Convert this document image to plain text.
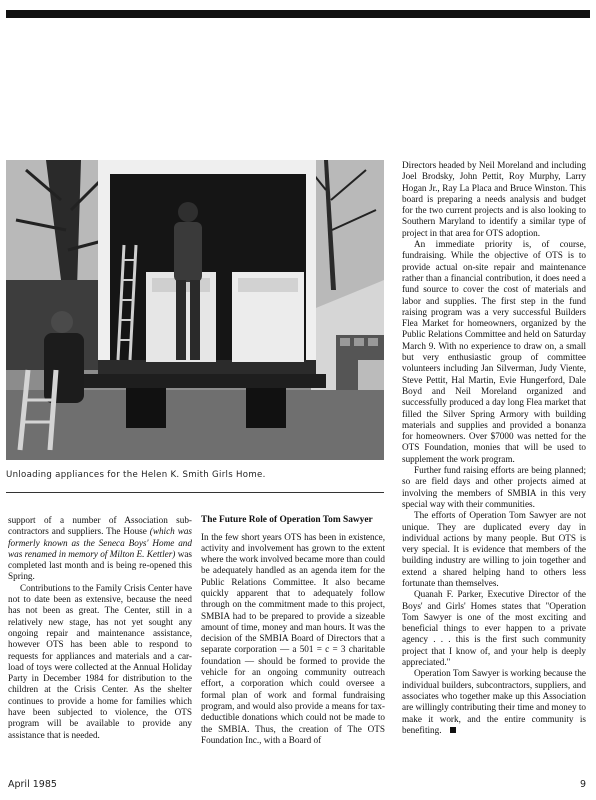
Unloading appliances for the Helen K. Smith Girls Home.

support of a number of Association sub-contractors and suppliers. The House (which was formerly known as the Seneca Boys' Home and was renamed in memory of Milton E. Kettler) was completed last month and is being re-opened this Spring.

Contributions to the Family Crisis Center have not to date been as extensive, because the need has not been as great. The Center, still in a relatively new stage, has not yet sought any ongoing repair and maintenance assistance, however OTS has been able to respond to requests for appliances and materials and a car-load of toys were collected at the Annual Holiday Party in December 1984 for distribution to the children at the Crisis Center. As the shelter continues to provide a home for families which have been subjected to violence, the OTS program will be available to provide any assistance that is needed.

The Future Role of Operation Tom Sawyer

In the few short years OTS has been in existence, activity and involvement has grown to the extent where the work involved became more than could be adequately handled as an agenda item for the Public Relations Committee. It also became quickly apparent that to adequately follow through on the commitment made to this project, SMBIA had to be prepared to provide a sizeable amount of time, money and man hours. It was the decision of the SMBIA Board of Directors that a separate corporation — a 501 = c = 3 charitable foundation — should be formed to provide the vehicle for an ongoing community outreach effort, a corporation which could oversee a formal plan of work and formal fundraising program, and would also provide a means for tax-deductible donations which could not be made to the SMBIA. Thus, the creation of The OTS Foundation Inc., with a Board of

Directors headed by Neil Moreland and including Joel Brodsky, John Pettit, Roy Murphy, Larry Hogan Jr., Ray La Placa and Bruce Winston. This board is preparing a needs analysis and budget for the two current projects and is also looking to Southern Maryland to identify a similar type of project in that area for OTS adoption.

An immediate priority is, of course, fundraising. While the objective of OTS is to provide actual on-site repair and maintenance rather than a financial contribution, it does need a fund source to cover the cost of materials and labor and supplies. The first step in the fund raising program was a very successful Builders Flea Market for homeowners, organized by the Public Relations Committee and held on Saturday March 9. With no experience to draw on, a small but very enthusiastic group of committee volunteers including Jan Silverman, Judy Viente, Steve Pettit, Hal Martin, Evie Hungerford, Dale Boyd and Neil Moreland organized and successfully produced a day long Flea market that filled the Silver Spring Armory with building materials and supplies and provided a bonanza for homeowners. Over $7000 was netted for the OTS Foundation, monies that will be used to supplement the work program.

Further fund raising efforts are being planned; so are field days and other projects aimed at involving the members of SMBIA in this very special way with their communities.

The efforts of Operation Tom Sawyer are not unique. They are duplicated every day in individual actions by many people. But OTS is very special. It is evidence that members of the building industry are willing to join together and extend a shared helping hand to others less fortunate than themselves.

Quanah F. Parker, Executive Director of the Boys' and Girls' Homes states that "Operation Tom Sawyer is one of the most exciting and beneficial things to ever happen to a private agency . . . this is the first such community project that I know of, and your help is deeply appreciated."

Operation Tom Sawyer is working because the individual builders, subcontractors, suppliers, and associates who together make up this Association are willingly contributing their time and money to make it work, and the entire community is benefiting.

April 1985	9
